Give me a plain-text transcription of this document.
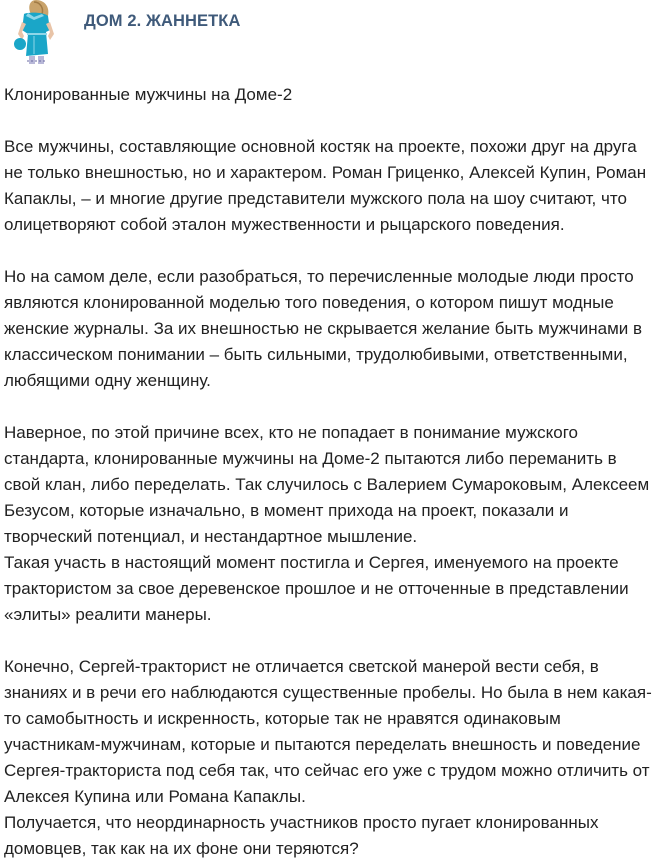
ДОМ 2. ЖАННЕТКА

Клонированные мужчины на Доме-2

Все мужчины, составляющие основной костяк на проекте, похожи друг на друга
не только внешностью, но и характером. Роман Гриценко, Алексей Купин, Роман
Капаклы, – и многие другие представители мужского пола на шоу считают, что
олицетворяют собой эталон мужественности и рыцарского поведения.

Но на самом деле, если разобраться, то перечисленные молодые люди просто
являются клонированной моделью того поведения, о котором пишут модные
женские журналы. За их внешностью не скрывается желание быть мужчинами в
классическом понимании – быть сильными, трудолюбивыми, ответственными,
любящими одну женщину.

Наверное, по этой причине всех, кто не попадает в понимание мужского
стандарта, клонированные мужчины на Доме-2 пытаются либо переманить в
свой клан, либо переделать. Так случилось с Валерием Сумароковым, Алексеем
Безусом, которые изначально, в момент прихода на проект, показали и
творческий потенциал, и нестандартное мышление.

Такая участь в настоящий момент постигла и Сергея, именуемого на проекте
трактористом за свое деревенское прошлое и не отточенные в представлении
«элиты» реалити манеры.

Конечно, Сергей-тракторист не отличается светской манерой вести себя, в
знаниях и в речи его наблюдаются существенные пробелы. Но была в нем какая-
то самобытность и искренность, которые так не нравятся одинаковым
участникам-мужчинам, которые и пытаются переделать внешность и поведение
Сергея-тракториста под себя так, что сейчас его уже с трудом можно отличить от
Алексея Купина или Романа Капаклы.

Получается, что неординарность участников просто пугает клонированных
домовцев, так как на их фоне они теряются?
